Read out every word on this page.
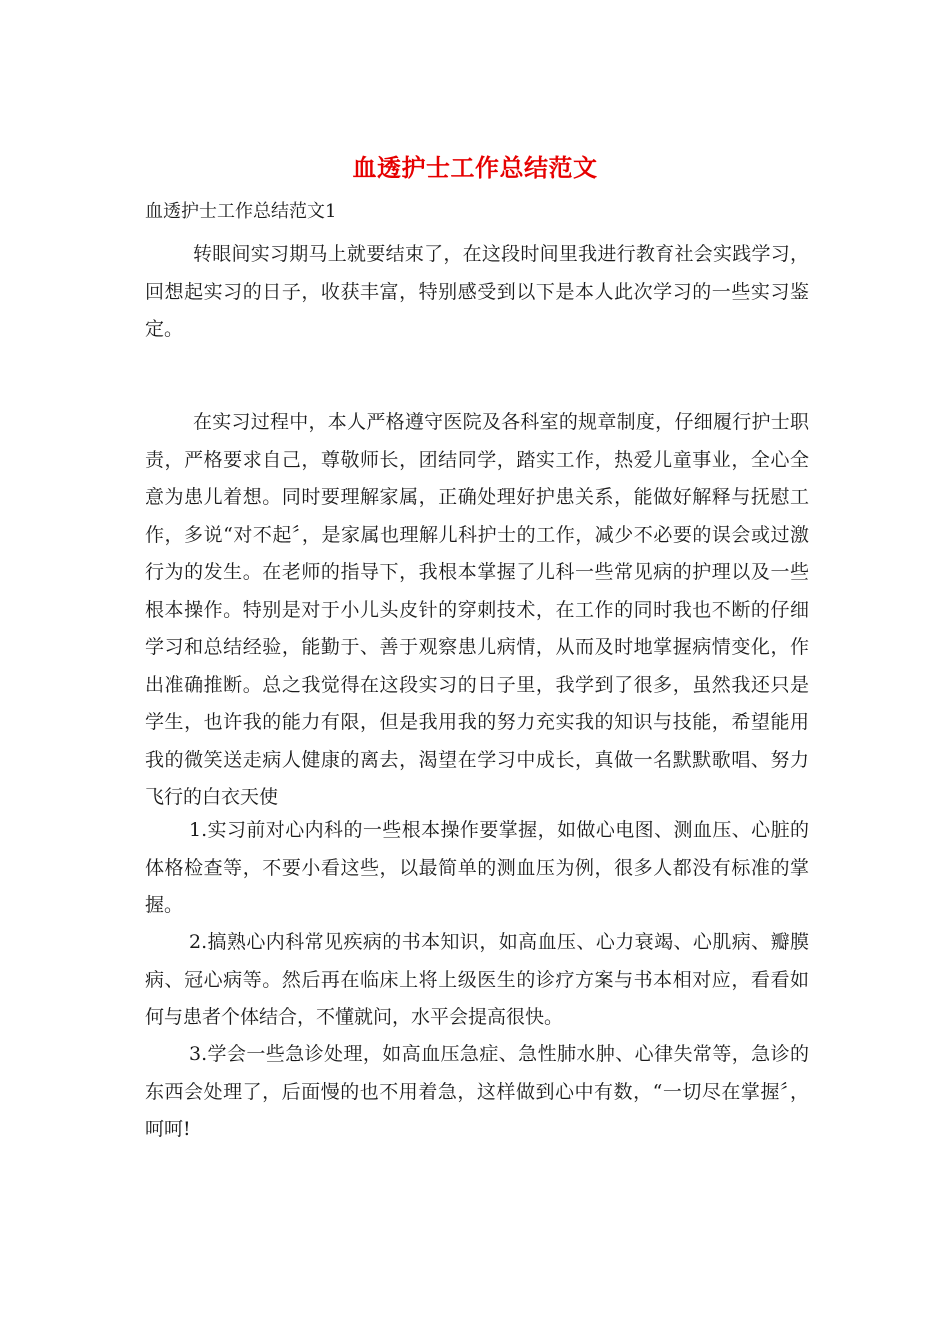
血透护士工作总结范文
血透护士工作总结范文1

转眼间实习期马上就要结束了，在这段时间里我进行教育社会实践学习，回想起实习的日子，收获丰富，特别感受到以下是本人此次学习的一些实习鉴定。

在实习过程中，本人严格遵守医院及各科室的规章制度，仔细履行护士职责，严格要求自己，尊敬师长，团结同学，踏实工作，热爱儿童事业，全心全意为患儿着想。同时要理解家属，正确处理好护患关系，能做好解释与抚慰工作，多说“对不起〞，是家属也理解儿科护士的工作，减少不必要的误会或过激行为的发生。在老师的指导下，我根本掌握了儿科一些常见病的护理以及一些根本操作。特别是对于小儿头皮针的穿刺技术，在工作的同时我也不断的仔细学习和总结经验，能勤于、善于观察患儿病情，从而及时地掌握病情变化，作出准确推断。总之我觉得在这段实习的日子里，我学到了很多，虽然我还只是学生，也许我的能力有限，但是我用我的努力充实我的知识与技能，希望能用我的微笑送走病人健康的离去，渴望在学习中成长，真做一名默默歌唱、努力飞行的白衣天使

1.实习前对心内科的一些根本操作要掌握，如做心电图、测血压、心脏的体格检查等，不要小看这些，以最简单的测血压为例，很多人都没有标准的掌握。

2.搞熟心内科常见疾病的书本知识，如高血压、心力衰竭、心肌病、瓣膜病、冠心病等。然后再在临床上将上级医生的诊疗方案与书本相对应，看看如何与患者个体结合，不懂就问，水平会提高很快。

3.学会一些急诊处理，如高血压急症、急性肺水肿、心律失常等，急诊的东西会处理了，后面慢的也不用着急，这样做到心中有数，“一切尽在掌握〞，呵呵!
